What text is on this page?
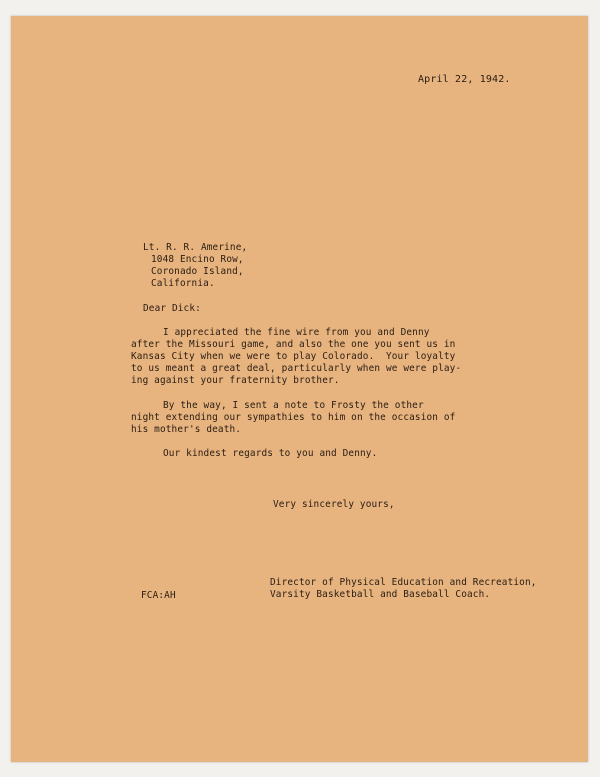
April 22, 1942.
Lt. R. R. Amerine,
1048 Encino Row,
Coronado Island,
California.
Dear Dick:
I appreciated the fine wire from you and Denny
after the Missouri game, and also the one you sent us in
Kansas City when we were to play Colorado.  Your loyalty
to us meant a great deal, particularly when we were play-
ing against your fraternity brother.
By the way, I sent a note to Frosty the other
night extending our sympathies to him on the occasion of
his mother's death.
Our kindest regards to you and Denny.
Very sincerely yours,
Director of Physical Education and Recreation,
Varsity Basketball and Baseball Coach.
FCA:AH
